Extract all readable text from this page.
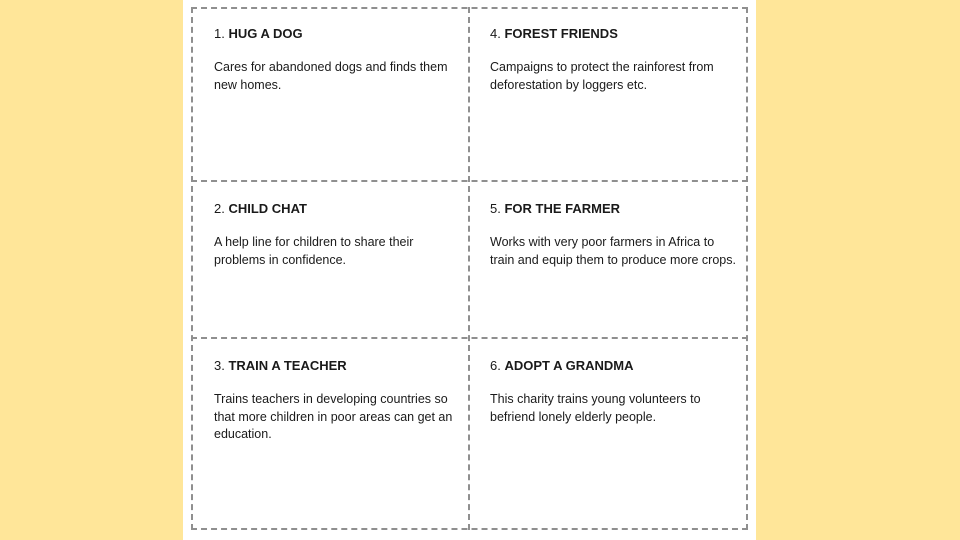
1. HUG A DOG

Cares for abandoned dogs and finds them new homes.

2. CHILD CHAT

A help line for children to share their problems in confidence.

3. TRAIN A TEACHER

Trains teachers in developing countries so that more children in poor areas can get an education.

4. FOREST FRIENDS

Campaigns to protect the rainforest from deforestation by loggers etc.

5. FOR THE FARMER

Works with very poor farmers in Africa to train and equip them to produce more crops.

6. ADOPT A GRANDMA

This charity trains young volunteers to befriend lonely elderly people.
